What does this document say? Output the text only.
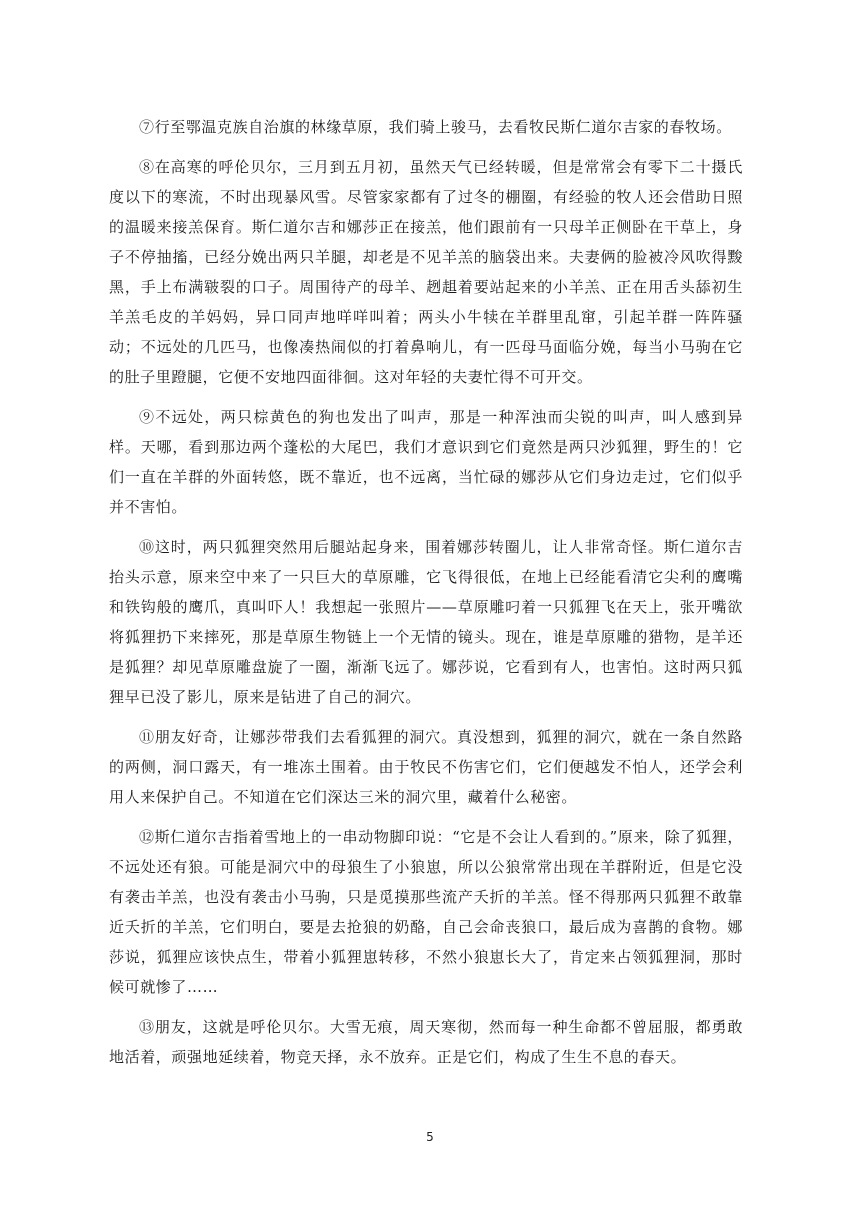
⑦行至鄂温克族自治旗的林缘草原，我们骑上骏马，去看牧民斯仁道尔吉家的春牧场。

⑧在高寒的呼伦贝尔，三月到五月初，虽然天气已经转暖，但是常常会有零下二十摄氏度以下的寒流，不时出现暴风雪。尽管家家都有了过冬的棚圈，有经验的牧人还会借助日照的温暖来接羔保育。斯仁道尔吉和娜莎正在接羔，他们跟前有一只母羊正侧卧在干草上，身子不停抽搐，已经分娩出两只羊腿，却老是不见羊羔的脑袋出来。夫妻俩的脸被冷风吹得黢黑，手上布满皲裂的口子。周围待产的母羊、趔趄着要站起来的小羊羔、正在用舌头舔初生羊羔毛皮的羊妈妈，异口同声地咩咩叫着；两头小牛犊在羊群里乱窜，引起羊群一阵阵骚动；不远处的几匹马，也像凑热闹似的打着鼻响儿，有一匹母马面临分娩，每当小马驹在它的肚子里蹬腿，它便不安地四面徘徊。这对年轻的夫妻忙得不可开交。

⑨不远处，两只棕黄色的狗也发出了叫声，那是一种浑浊而尖锐的叫声，叫人感到异样。天哪，看到那边两个蓬松的大尾巴，我们才意识到它们竟然是两只沙狐狸，野生的！它们一直在羊群的外面转悠，既不靠近，也不远离，当忙碌的娜莎从它们身边走过，它们似乎并不害怕。

⑩这时，两只狐狸突然用后腿站起身来，围着娜莎转圈儿，让人非常奇怪。斯仁道尔吉抬头示意，原来空中来了一只巨大的草原雕，它飞得很低，在地上已经能看清它尖利的鹰嘴和铁钩般的鹰爪，真叫吓人！我想起一张照片——草原雕叼着一只狐狸飞在天上，张开嘴欲将狐狸扔下来摔死，那是草原生物链上一个无情的镜头。现在，谁是草原雕的猎物，是羊还是狐狸？却见草原雕盘旋了一圈，渐渐飞远了。娜莎说，它看到有人，也害怕。这时两只狐狸早已没了影儿，原来是钻进了自己的洞穴。

⑪朋友好奇，让娜莎带我们去看狐狸的洞穴。真没想到，狐狸的洞穴，就在一条自然路的两侧，洞口露天，有一堆冻土围着。由于牧民不伤害它们，它们便越发不怕人，还学会利用人来保护自己。不知道在它们深达三米的洞穴里，藏着什么秘密。

⑫斯仁道尔吉指着雪地上的一串动物脚印说：“它是不会让人看到的。”原来，除了狐狸，不远处还有狼。可能是洞穴中的母狼生了小狼崽，所以公狼常常出现在羊群附近，但是它没有袭击羊羔，也没有袭击小马驹，只是觅摸那些流产夭折的羊羔。怪不得那两只狐狸不敢靠近夭折的羊羔，它们明白，要是去抢狼的奶酪，自己会命丧狼口，最后成为喜鹊的食物。娜莎说，狐狸应该快点生，带着小狐狸崽转移，不然小狼崽长大了，肯定来占领狐狸洞，那时候可就惨了……

⑬朋友，这就是呼伦贝尔。大雪无痕，周天寒彻，然而每一种生命都不曾屈服，都勇敢地活着，顽强地延续着，物竞天择，永不放弃。正是它们，构成了生生不息的春天。

5
